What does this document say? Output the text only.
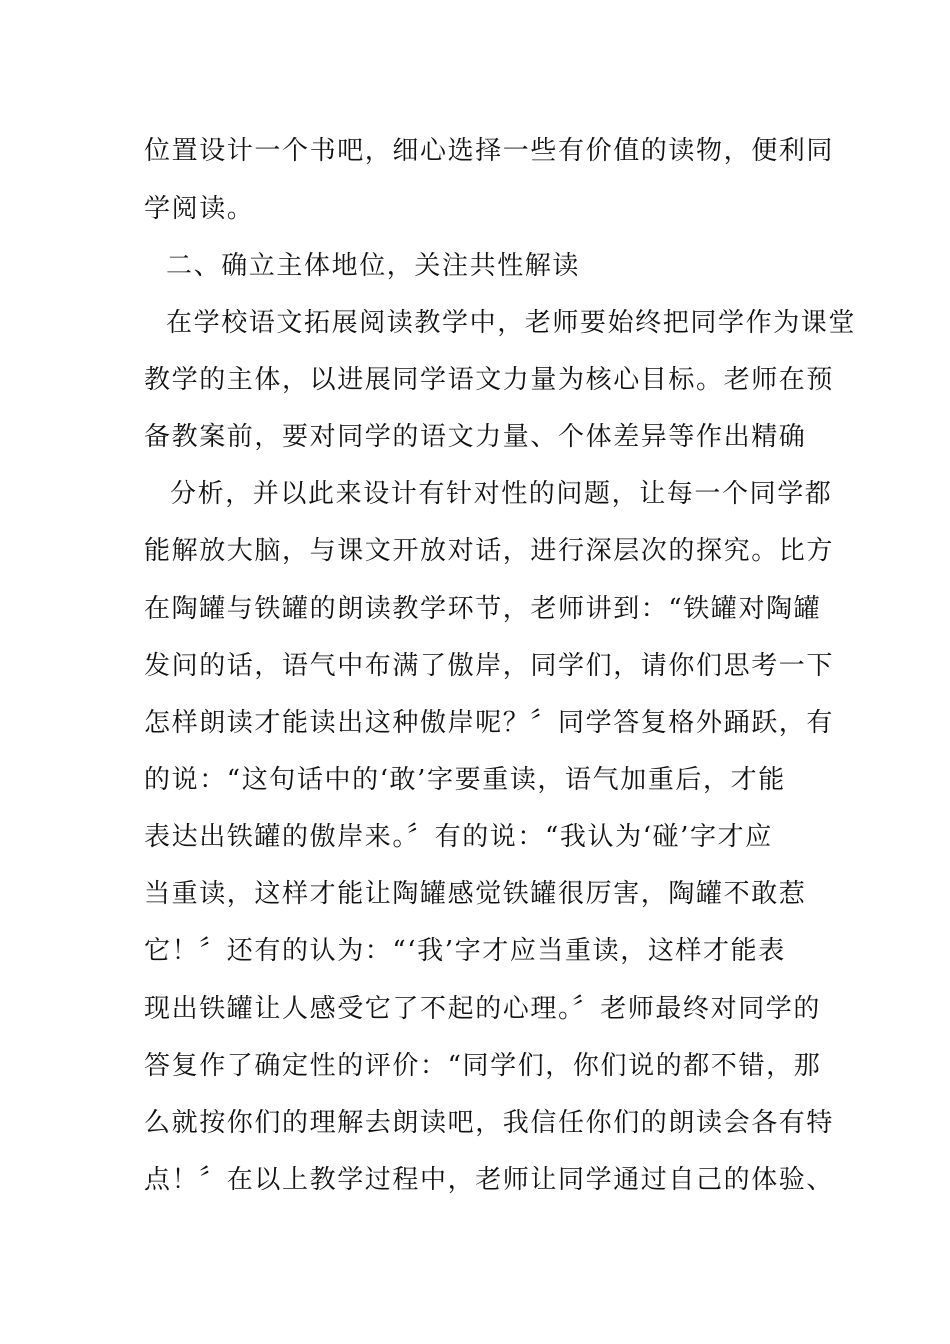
位置设计一个书吧，细心选择一些有价值的读物，便利同

学阅读。

二、确立主体地位，关注共性解读

在学校语文拓展阅读教学中，老师要始终把同学作为课堂

教学的主体，以进展同学语文力量为核心目标。老师在预

备教案前，要对同学的语文力量、个体差异等作出精确

分析，并以此来设计有针对性的问题，让每一个同学都

能解放大脑，与课文开放对话，进行深层次的探究。比方

在陶罐与铁罐的朗读教学环节，老师讲到：“铁罐对陶罐

发问的话，语气中布满了傲岸，同学们，请你们思考一下

怎样朗读才能读出这种傲岸呢？〞同学答复格外踊跃，有

的说：“这句话中的‘敢’字要重读，语气加重后，才能

表达出铁罐的傲岸来。〞有的说：“我认为‘碰’字才应

当重读，这样才能让陶罐感觉铁罐很厉害，陶罐不敢惹

它！〞还有的认为：“‘我’字才应当重读，这样才能表

现出铁罐让人感受它了不起的心理。〞老师最终对同学的

答复作了确定性的评价：“同学们，你们说的都不错，那

么就按你们的理解去朗读吧，我信任你们的朗读会各有特

点！〞在以上教学过程中，老师让同学通过自己的体验、
